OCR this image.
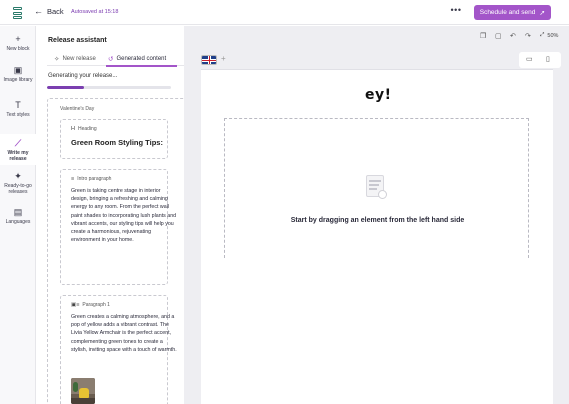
← Back Autosaved at 15:18	•••	Schedule and send ➚
+
New block
▣
Image library
T
Text styles
⟋
Write my release
✦
Ready-to-go releases
▤
Languages
Release assistant
✧ New release ↺ Generated content
Generating your release...
Valentine's Day
H Heading
Green Room Styling Tips:
≡ Intro paragraph
Green is taking centre stage in interior design, bringing a refreshing and calming energy to any room. From the perfect wall paint shades to incorporating lush plants and vibrant accents, our styling tips will help you create a harmonious, rejuvenating environment in your home.
▣≡ Paragraph 1
Green creates a calming atmosphere, and a pop of yellow adds a vibrant contrast. The Livia Yellow Armchair is the perfect accent, complementing green tones to create a stylish, inviting space with a touch of warmth.
❐ ▢ ↶ ↷ ⤢ 50%
+	▭ ▯
ey!
Start by dragging an element from the left hand side
